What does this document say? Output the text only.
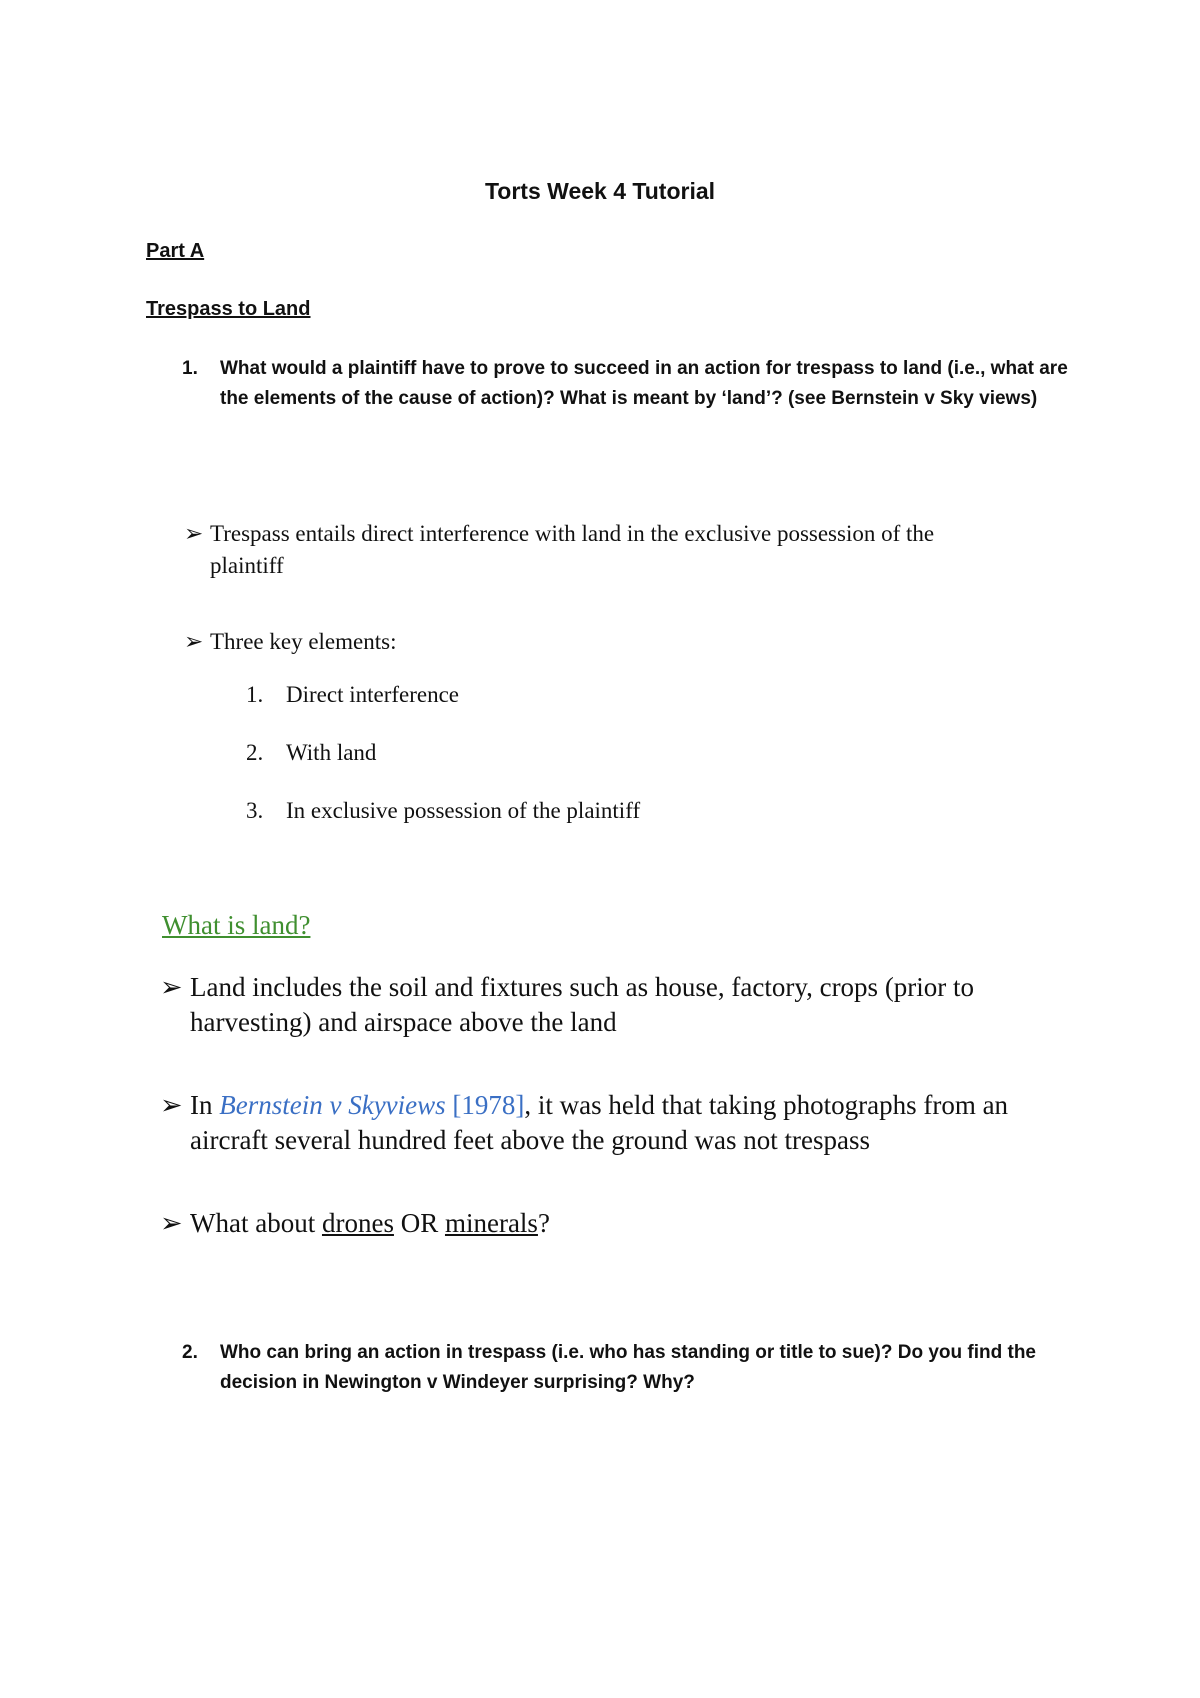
Torts Week 4 Tutorial
Part A
Trespass to Land
1. What would a plaintiff have to prove to succeed in an action for trespass to land (i.e., what are the elements of the cause of action)? What is meant by ‘land’? (see Bernstein v Sky views)
➢ Trespass entails direct interference with land in the exclusive possession of the plaintiff
➢ Three key elements:
1. Direct interference
2. With land
3. In exclusive possession of the plaintiff
What is land?
➢ Land includes the soil and fixtures such as house, factory, crops (prior to harvesting) and airspace above the land
➢ In Bernstein v Skyviews [1978], it was held that taking photographs from an aircraft several hundred feet above the ground was not trespass
➢ What about drones OR minerals?
2. Who can bring an action in trespass (i.e. who has standing or title to sue)? Do you find the decision in Newington v Windeyer surprising? Why?
